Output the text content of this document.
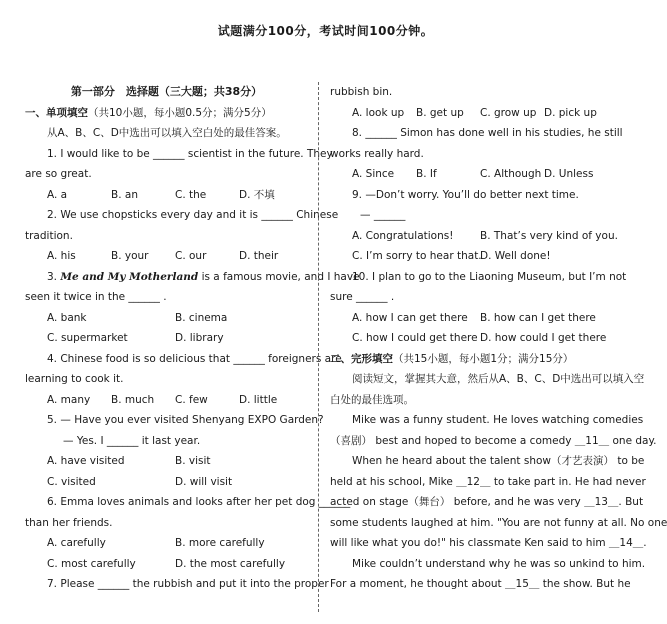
试题满分100分，考试时间100分钟。
第一部分　选择题（三大题；共38分）
一、单项填空（共10小题，每小题0.5分；满分5分）
从A、B、C、D中选出可以填入空白处的最佳答案。
1. I would like to be ______ scientist in the future. They
are so great.
A. a	B. an	C. the	D. 不填
2. We use chopsticks every day and it is ______ Chinese
tradition.
A. his	B. your	C. our	D. their
3. Me and My Motherland is a famous movie, and I have
seen it twice in the ______ .
A. bank	B. cinema
C. supermarket	D. library
4. Chinese food is so delicious that ______ foreigners are
learning to cook it.
A. many	B. much	C. few	D. little
5. — Have you ever visited Shenyang EXPO Garden?
— Yes. I ______ it last year.
A. have visited	B. visit
C. visited	D. will visit
6. Emma loves animals and looks after her pet dog ______
than her friends.
A. carefully	B. more carefully
C. most carefully	D. the most carefully
7. Please ______ the rubbish and put it into the proper
rubbish bin.
A. look up	B. get up	C. grow up D. pick up
8. ______ Simon has done well in his studies, he still
works really hard.
A. Since	B. If	C. Although D. Unless
9. —Don’t worry. You’ll do better next time.
— ______
A. Congratulations!	B. That’s very kind of you.
C. I’m sorry to hear that.
D. Well done!
10. I plan to go to the Liaoning Museum, but I’m not
sure ______ .
A. how I can get there	B. how can I get there
C. how I could get there D. how could I get there
二、完形填空（共15小题，每小题1分；满分15分）
阅读短文，掌握其大意，然后从A、B、C、D中选出可以填入空
白处的最佳选项。
Mike was a funny student. He loves watching comedies
（喜剧） best and hoped to become a comedy ＿11＿ one day.
When he heard about the talent show（才艺表演） to be
held at his school, Mike ＿12＿ to take part in. He had never
acted on stage（舞台） before, and he was very ＿13＿. But
some students laughed at him. "You are not funny at all. No one
will like what you do!" his classmate Ken said to him ＿14＿.
Mike couldn’t understand why he was so unkind to him.
For a moment, he thought about ＿15＿ the show. But he
